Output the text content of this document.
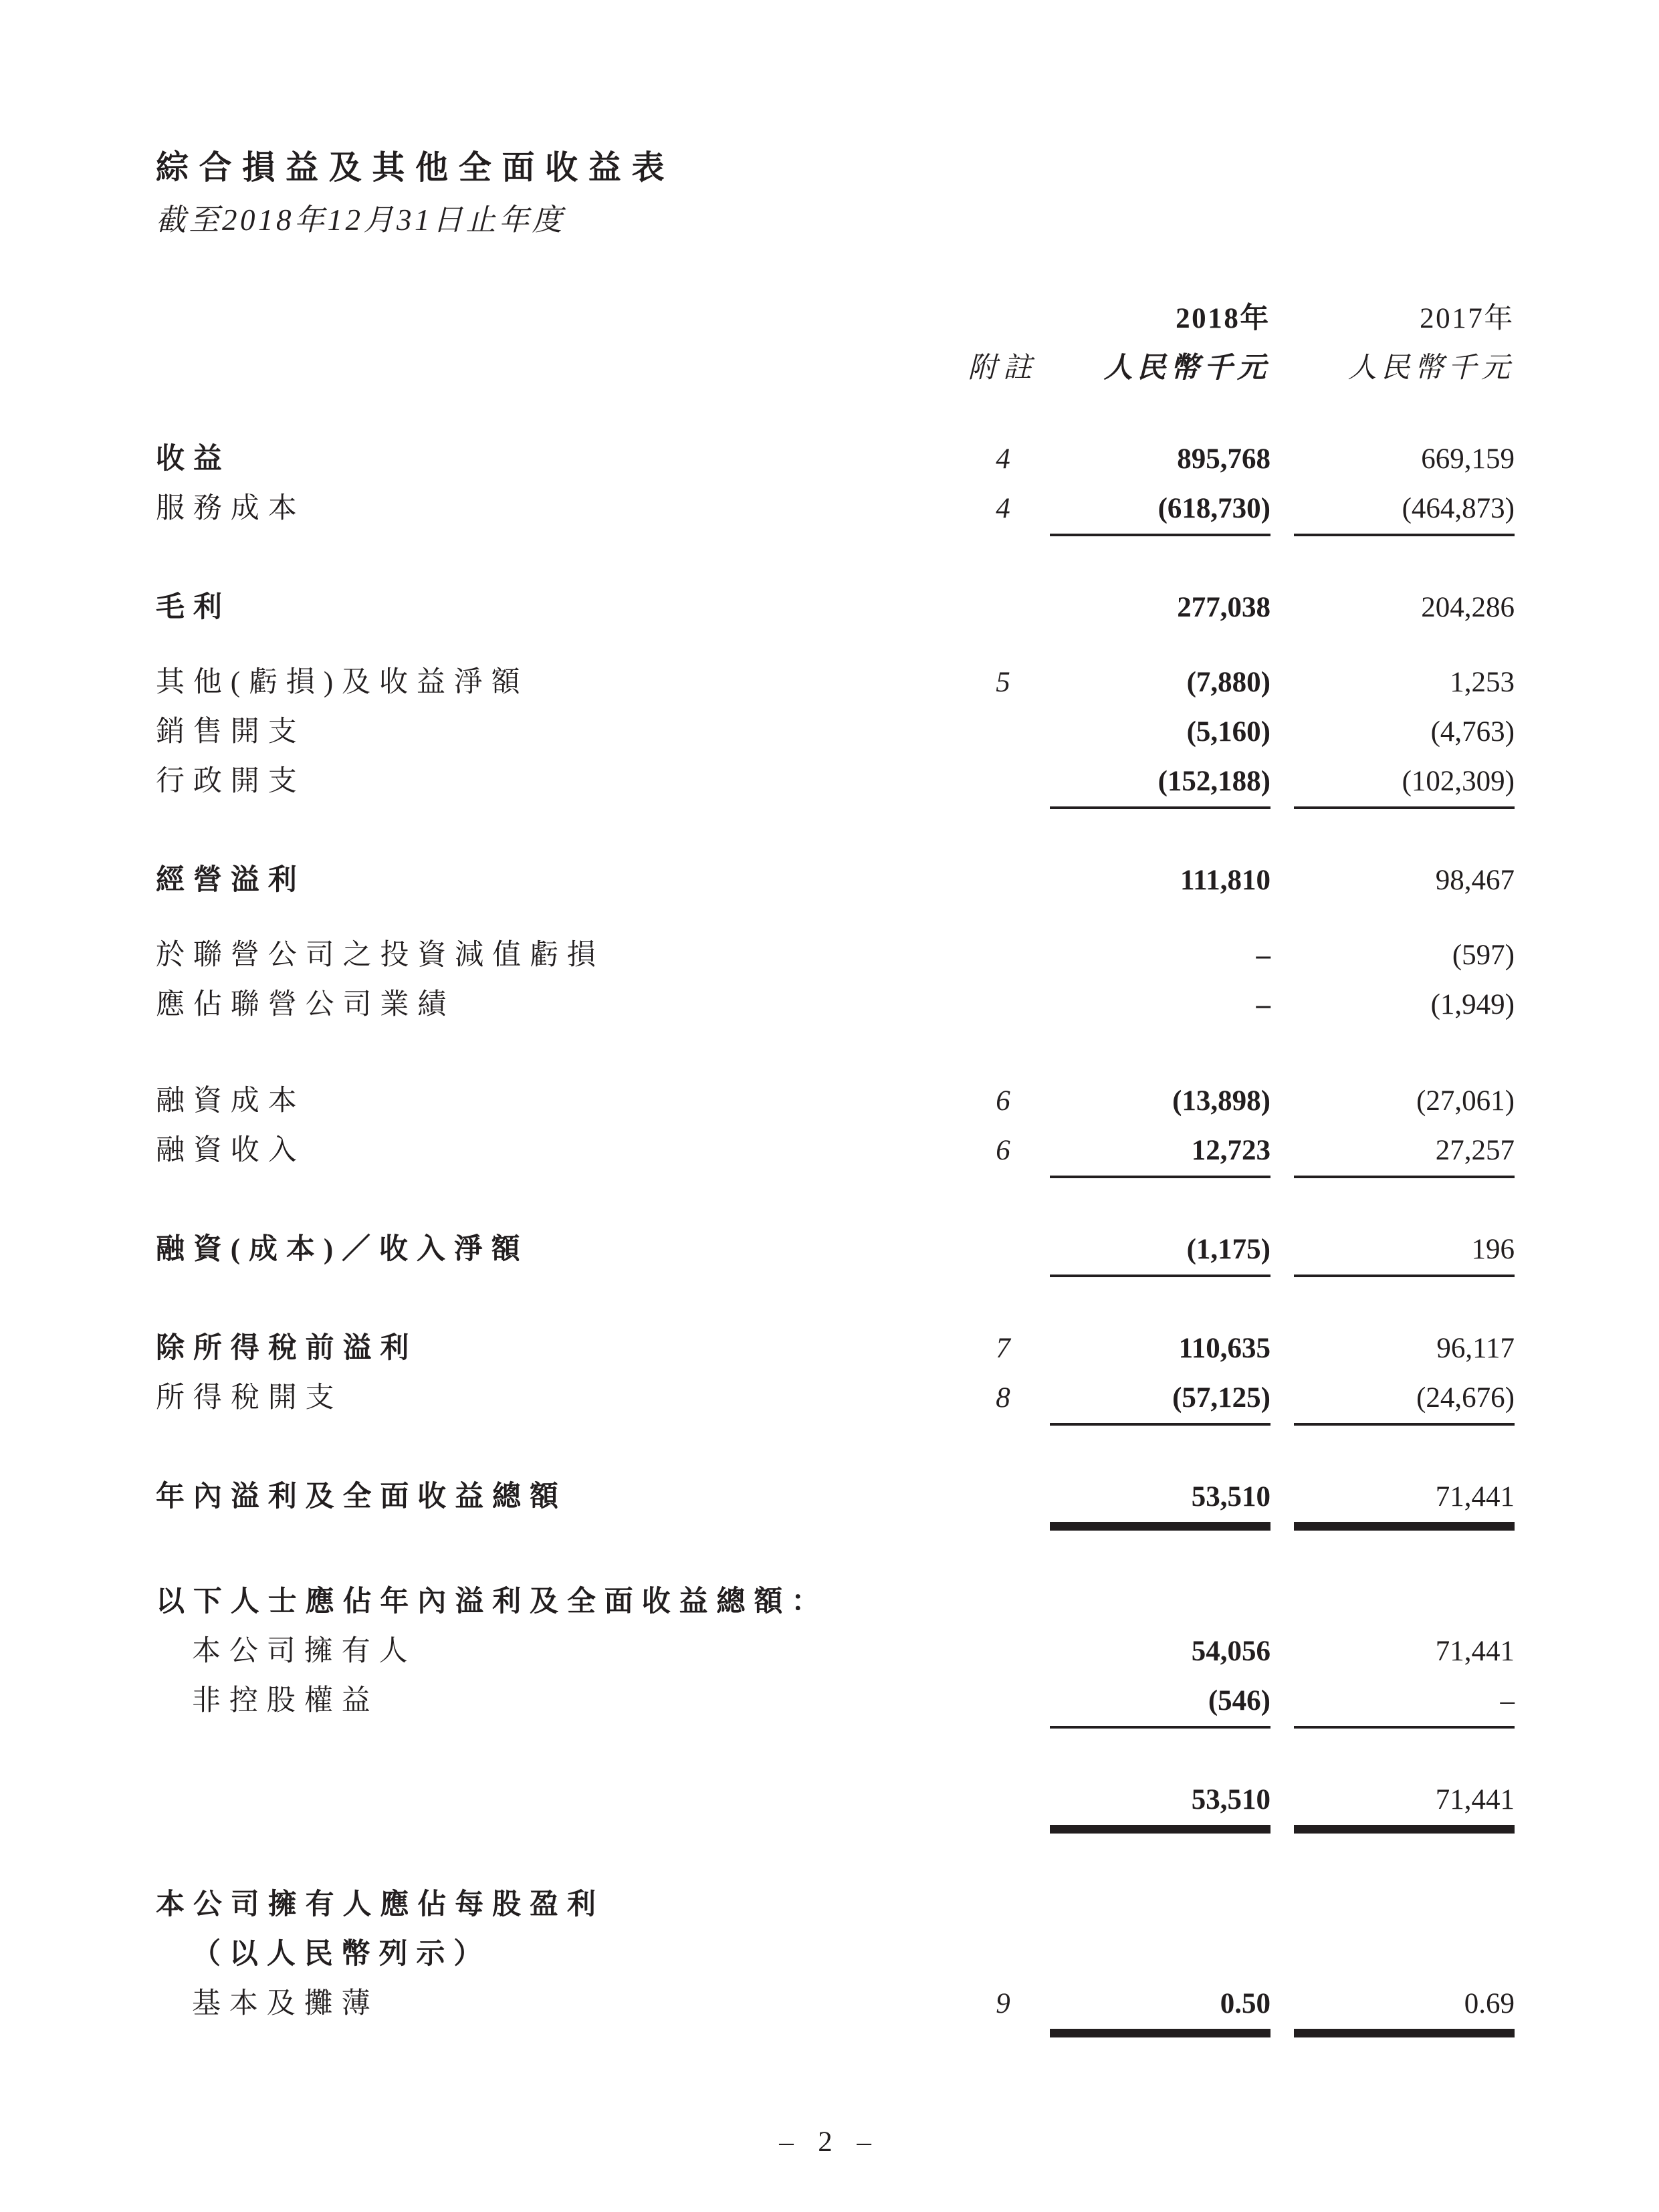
綜合損益及其他全面收益表
截至2018年12月31日止年度
2018年	2017年
附註	人民幣千元	人民幣千元
收益	4	895,768	669,159
服務成本	4	(618,730)	(464,873)
毛利	277,038	204,286
其他(虧損)及收益淨額	5	(7,880)	1,253
銷售開支	(5,160)	(4,763)
行政開支	(152,188)	(102,309)
經營溢利	111,810	98,467
於聯營公司之投資減值虧損	–	(597)
應佔聯營公司業績	–	(1,949)
融資成本	6	(13,898)	(27,061)
融資收入	6	12,723	27,257
融資(成本)／收入淨額	(1,175)	196
除所得稅前溢利	7	110,635	96,117
所得稅開支	8	(57,125)	(24,676)
年內溢利及全面收益總額	53,510	71,441
以下人士應佔年內溢利及全面收益總額：
本公司擁有人	54,056	71,441
非控股權益	(546)	–
53,510	71,441
本公司擁有人應佔每股盈利
（以人民幣列示）
基本及攤薄	9	0.50	0.69
– 2 –
